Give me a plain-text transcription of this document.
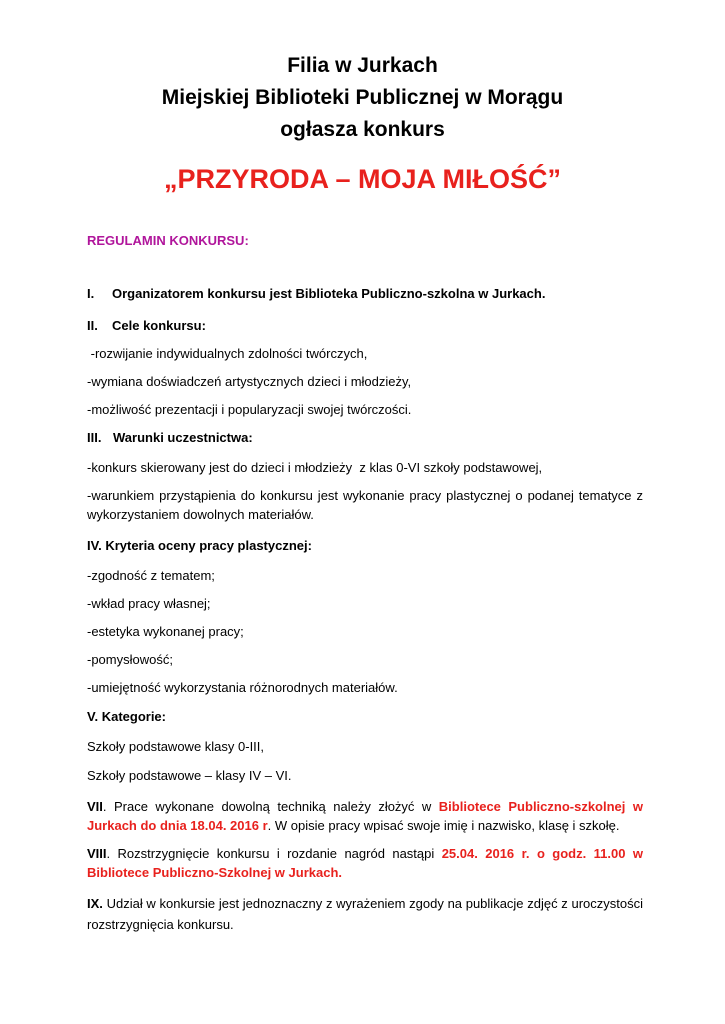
Filia w Jurkach
Miejskiej Biblioteki Publicznej w Morągu
ogłasza konkurs
„PRZYRODA – MOJA MIŁOŚĆ”
REGULAMIN KONKURSU:
I. Organizatorem konkursu jest Biblioteka Publiczno-szkolna w Jurkach.
II. Cele konkursu:
-rozwijanie indywidualnych zdolności twórczych,
-wymiana doświadczeń artystycznych dzieci i młodzieży,
-możliwość prezentacji i popularyzacji swojej twórczości.
III. Warunki uczestnictwa:
-konkurs skierowany jest do dzieci i młodzieży  z klas 0-VI szkoły podstawowej,
-warunkiem przystąpienia do konkursu jest wykonanie pracy plastycznej o podanej tematyce z wykorzystaniem dowolnych materiałów.
IV. Kryteria oceny pracy plastycznej:
-zgodność z tematem;
-wkład pracy własnej;
-estetyka wykonanej pracy;
-pomysłowość;
-umiejętność wykorzystania różnorodnych materiałów.
V. Kategorie:
Szkoły podstawowe klasy 0-III,
Szkoły podstawowe – klasy IV – VI.
VII. Prace wykonane dowolną techniką należy złożyć w Bibliotece Publiczno-szkolnej w Jurkach do dnia 18.04. 2016 r. W opisie pracy wpisać swoje imię i nazwisko, klasę i szkołę.
VIII. Rozstrzygnięcie konkursu i rozdanie nagród nastąpi 25.04. 2016 r. o godz. 11.00 w Bibliotece Publiczno-Szkolnej w Jurkach.
IX. Udział w konkursie jest jednoznaczny z wyrażeniem zgody na publikacje zdjęć z uroczystości rozstrzygnięcia konkursu.
